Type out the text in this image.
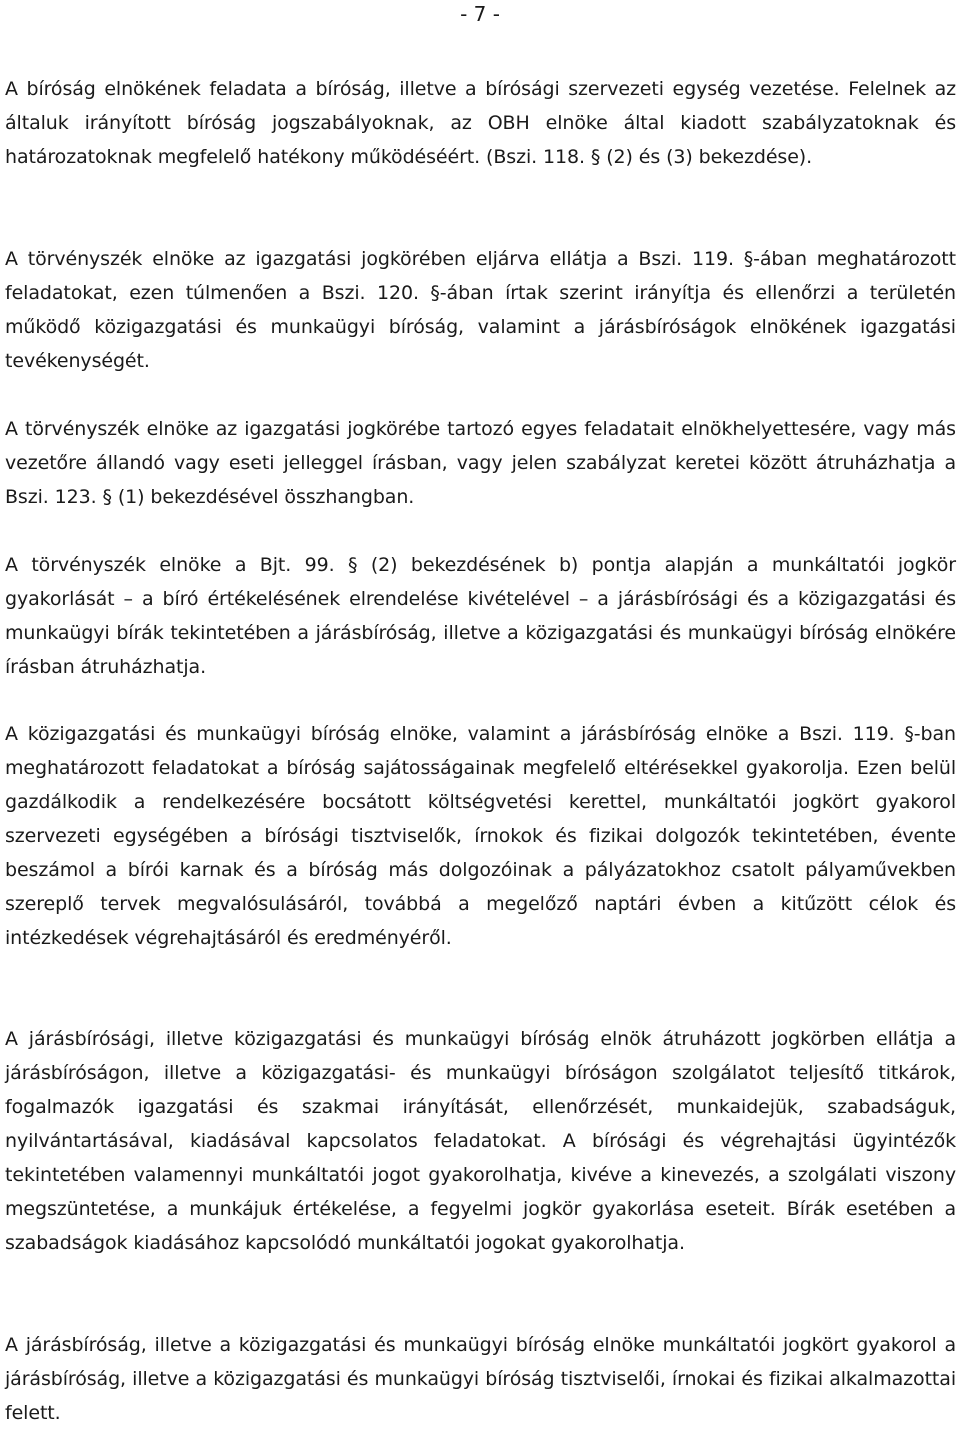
- 7 -

A bíróság elnökének feladata a bíróság, illetve a bírósági szervezeti egység vezetése. Felelnek az általuk irányított bíróság jogszabályoknak, az OBH elnöke által kiadott szabályzatoknak és határozatoknak megfelelő hatékony működéséért. (Bszi. 118. § (2) és (3) bekezdése).

A törvényszék elnöke az igazgatási jogkörében eljárva ellátja a Bszi. 119. §-ában meghatározott feladatokat, ezen túlmenően a Bszi. 120. §-ában írtak szerint irányítja és ellenőrzi a területén működő közigazgatási és munkaügyi bíróság, valamint a járásbíróságok elnökének igazgatási tevékenységét.

A törvényszék elnöke az igazgatási jogkörébe tartozó egyes feladatait elnökhelyettesére, vagy más vezetőre állandó vagy eseti jelleggel írásban, vagy jelen szabályzat keretei között átruházhatja a Bszi. 123. § (1) bekezdésével összhangban.

A törvényszék elnöke a Bjt. 99. § (2) bekezdésének b) pontja alapján a munkáltatói jogkör gyakorlását – a bíró értékelésének elrendelése kivételével – a járásbírósági és a közigazgatási és munkaügyi bírák tekintetében a járásbíróság, illetve a közigazgatási és munkaügyi bíróság elnökére írásban átruházhatja.

A közigazgatási és munkaügyi bíróság elnöke, valamint a járásbíróság elnöke a Bszi. 119. §-ban meghatározott feladatokat a bíróság sajátosságainak megfelelő eltérésekkel gyakorolja. Ezen belül gazdálkodik a rendelkezésére bocsátott költségvetési kerettel, munkáltatói jogkört gyakorol szervezeti egységében a bírósági tisztviselők, írnokok és fizikai dolgozók tekintetében, évente beszámol a bírói karnak és a bíróság más dolgozóinak a pályázatokhoz csatolt pályaművekben szereplő tervek megvalósulásáról, továbbá a megelőző naptári évben a kitűzött célok és intézkedések végrehajtásáról és eredményéről.

A járásbírósági, illetve közigazgatási és munkaügyi bíróság elnök átruházott jogkörben ellátja a járásbíróságon, illetve a közigazgatási- és munkaügyi bíróságon szolgálatot teljesítő titkárok, fogalmazók igazgatási és szakmai irányítását, ellenőrzését, munkaidejük, szabadságuk, nyilvántartásával, kiadásával kapcsolatos feladatokat. A bírósági és végrehajtási ügyintézők tekintetében valamennyi munkáltatói jogot gyakorolhatja, kivéve a kinevezés, a szolgálati viszony megszüntetése, a munkájuk értékelése, a fegyelmi jogkör gyakorlása eseteit. Bírák esetében a szabadságok kiadásához kapcsolódó munkáltatói jogokat gyakorolhatja.

A járásbíróság, illetve a közigazgatási és munkaügyi bíróság elnöke munkáltatói jogkört gyakorol a járásbíróság, illetve a közigazgatási és munkaügyi bíróság tisztviselői, írnokai és fizikai alkalmazottai felett.
